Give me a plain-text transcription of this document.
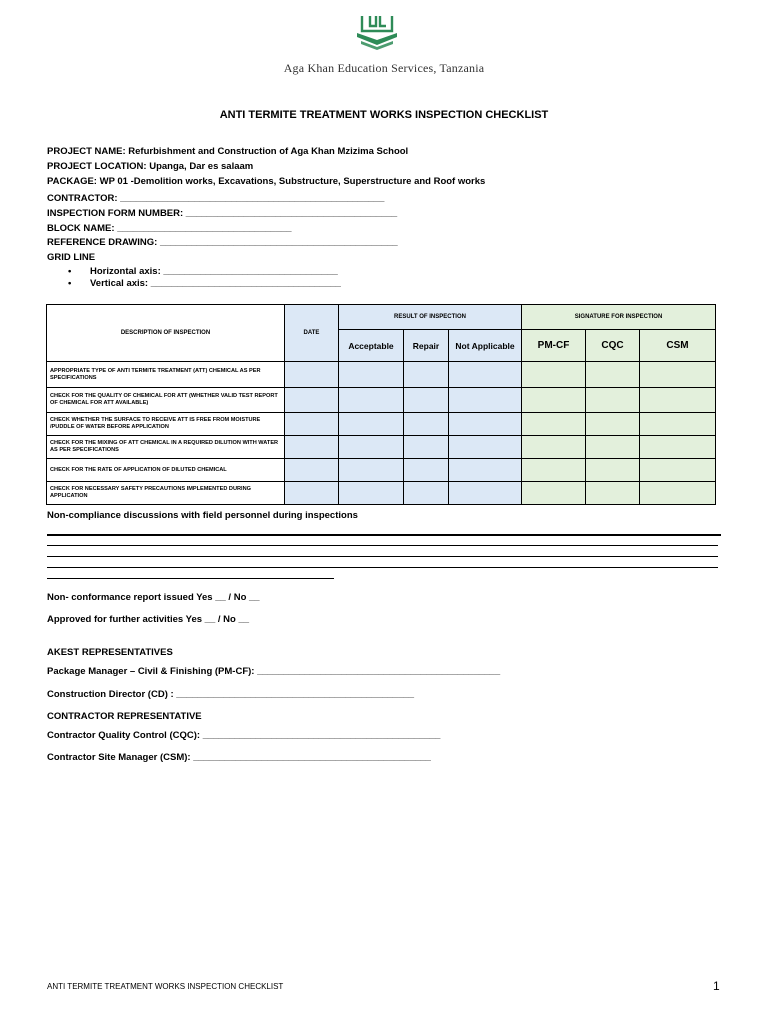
Aga Khan Education Services, Tanzania
ANTI TERMITE TREATMENT WORKS INSPECTION CHECKLIST
PROJECT NAME: Refurbishment and Construction of Aga Khan Mzizima School
PROJECT LOCATION: Upanga, Dar es salaam
PACKAGE: WP 01 -Demolition works, Excavations, Substructure, Superstructure and Roof works
CONTRACTOR: __________________________________________________
INSPECTION FORM NUMBER: ________________________________________
BLOCK NAME: _________________________________
REFERENCE DRAWING: _____________________________________________
GRID LINE
• Horizontal axis: _________________________________
• Vertical axis: ____________________________________
DESCRIPTION OF INSPECTION	DATE	RESULT OF INSPECTION			SIGNATURE FOR INSPECTION		
		Acceptable	Repair	Not Applicable	PM-CF	CQC	CSM
APPROPRIATE TYPE OF ANTI TERMITE TREATMENT (ATT) CHEMICAL AS PER SPECIFICATIONS							
CHECK FOR THE QUALITY OF CHEMICAL FOR ATT (WHETHER VALID TEST REPORT OF CHEMICAL FOR ATT AVAILABLE)							
CHECK WHETHER THE SURFACE TO RECEIVE ATT IS FREE FROM MOISTURE /PUDDLE OF WATER BEFORE APPLICATION							
CHECK FOR THE MIXING OF ATT CHEMICAL IN A REQUIRED DILUTION WITH WATER AS PER SPECIFICATIONS							
CHECK FOR THE RATE OF APPLICATION OF DILUTED CHEMICAL							
CHECK FOR NECESSARY SAFETY PRECAUTIONS IMPLEMENTED DURING APPLICATION							
Non-compliance discussions with field personnel during inspections
Non- conformance report issued Yes __ / No __
Approved for further activities Yes __ / No __
AKEST REPRESENTATIVES
Package Manager – Civil & Finishing (PM-CF): ______________________________________________
Construction Director (CD) : _____________________________________________
CONTRACTOR REPRESENTATIVE
Contractor Quality Control (CQC): _____________________________________________
Contractor Site Manager (CSM): _____________________________________________
ANTI TERMITE TREATMENT WORKS INSPECTION CHECKLIST	1
